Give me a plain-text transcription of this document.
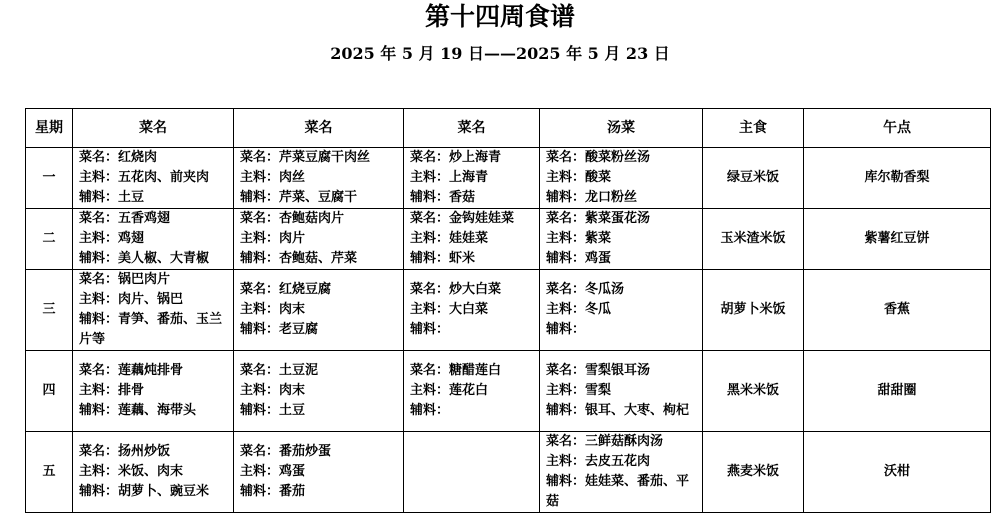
第十四周食谱
2025 年 5 月 19 日——2025 年 5 月 23 日
星期	菜名	菜名	菜名	汤菜	主食	午点
一	菜名：红烧肉
主料：五花肉、前夹肉
辅料：土豆	菜名：芹菜豆腐干肉丝
主料：肉丝
辅料：芹菜、豆腐干	菜名：炒上海青
主料：上海青
辅料：香菇	菜名：酸菜粉丝汤
主料：酸菜
辅料：龙口粉丝	绿豆米饭	库尔勒香梨
二	菜名：五香鸡翅
主料：鸡翅
辅料：美人椒、大青椒	菜名：杏鲍菇肉片
主料：肉片
辅料：杏鲍菇、芹菜	菜名：金钩娃娃菜
主料：娃娃菜
辅料：虾米	菜名：紫菜蛋花汤
主料：紫菜
辅料：鸡蛋	玉米渣米饭	紫薯红豆饼
三	菜名：锅巴肉片
主料：肉片、锅巴
辅料：青笋、番茄、玉兰片等	菜名：红烧豆腐
主料：肉末
辅料：老豆腐	菜名：炒大白菜
主料：大白菜
辅料：	菜名：冬瓜汤
主料：冬瓜
辅料：	胡萝卜米饭	香蕉
四	菜名：莲藕炖排骨
主料：排骨
辅料：莲藕、海带头	菜名：土豆泥
主料：肉末
辅料：土豆	菜名：糖醋莲白
主料：莲花白
辅料：	菜名：雪梨银耳汤
主料：雪梨
辅料：银耳、大枣、枸杞	黑米米饭	甜甜圈
五	菜名：扬州炒饭
主料：米饭、肉末
辅料：胡萝卜、豌豆米	菜名：番茄炒蛋
主料：鸡蛋
辅料：番茄		菜名：三鲜菇酥肉汤
主料：去皮五花肉
辅料：娃娃菜、番茄、平菇	燕麦米饭	沃柑
